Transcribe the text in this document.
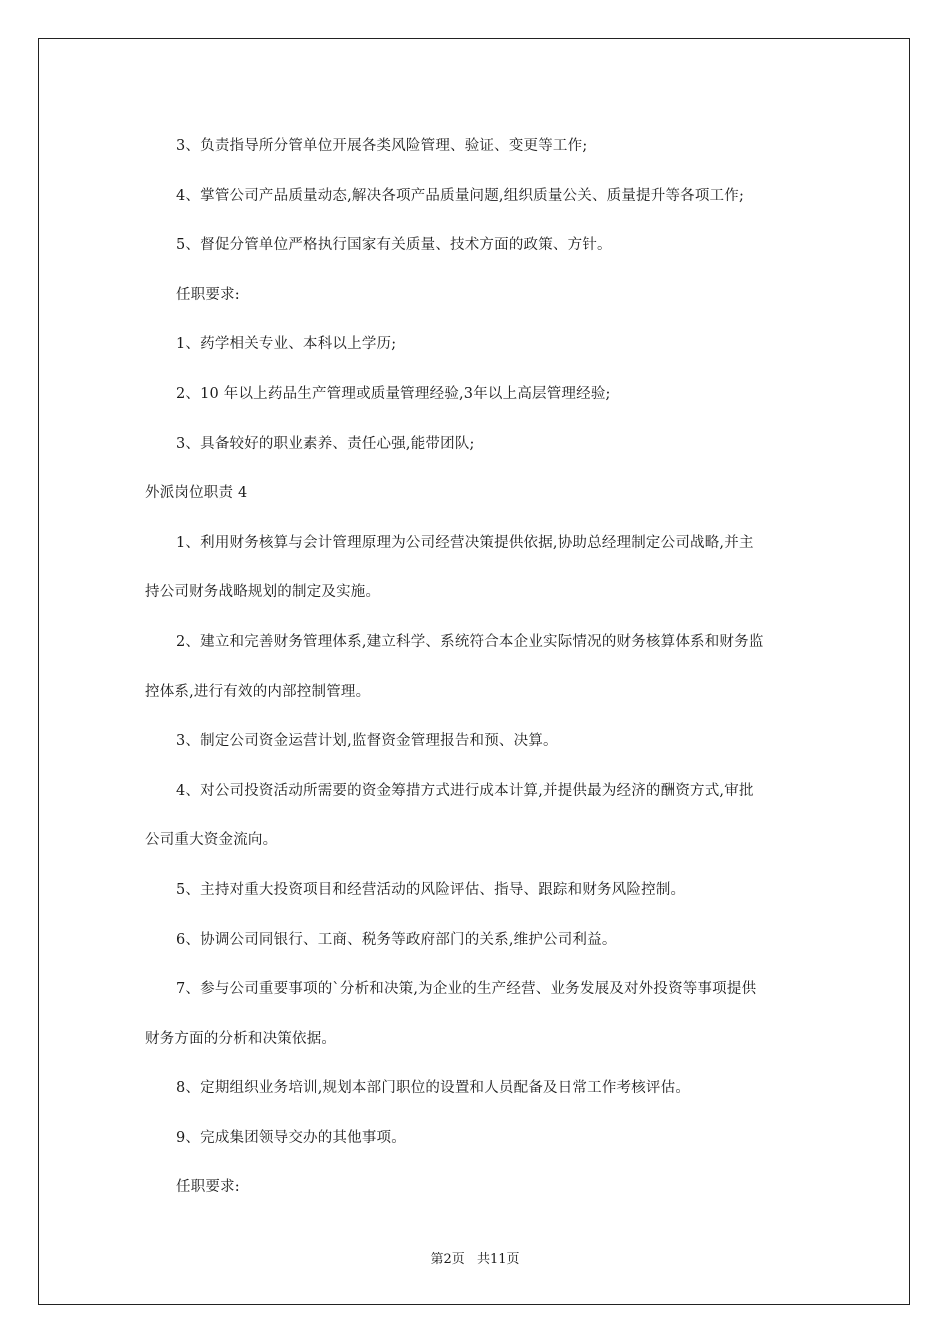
3、负责指导所分管单位开展各类风险管理、验证、变更等工作;
4、掌管公司产品质量动态,解决各项产品质量问题,组织质量公关、质量提升等各项工作;
5、督促分管单位严格执行国家有关质量、技术方面的政策、方针。
任职要求:
1、药学相关专业、本科以上学历;
2、10 年以上药品生产管理或质量管理经验,3年以上高层管理经验;
3、具备较好的职业素养、责任心强,能带团队;
外派岗位职责 4
1、利用财务核算与会计管理原理为公司经营决策提供依据,协助总经理制定公司战略,并主
持公司财务战略规划的制定及实施。
2、建立和完善财务管理体系,建立科学、系统符合本企业实际情况的财务核算体系和财务监
控体系,进行有效的内部控制管理。
3、制定公司资金运营计划,监督资金管理报告和预、决算。
4、对公司投资活动所需要的资金筹措方式进行成本计算,并提供最为经济的酬资方式,审批
公司重大资金流向。
5、主持对重大投资项目和经营活动的风险评估、指导、跟踪和财务风险控制。
6、协调公司同银行、工商、税务等政府部门的关系,维护公司利益。
7、参与公司重要事项的`分析和决策,为企业的生产经营、业务发展及对外投资等事项提供
财务方面的分析和决策依据。
8、定期组织业务培训,规划本部门职位的设置和人员配备及日常工作考核评估。
9、完成集团领导交办的其他事项。
任职要求:
第2页 共11页
